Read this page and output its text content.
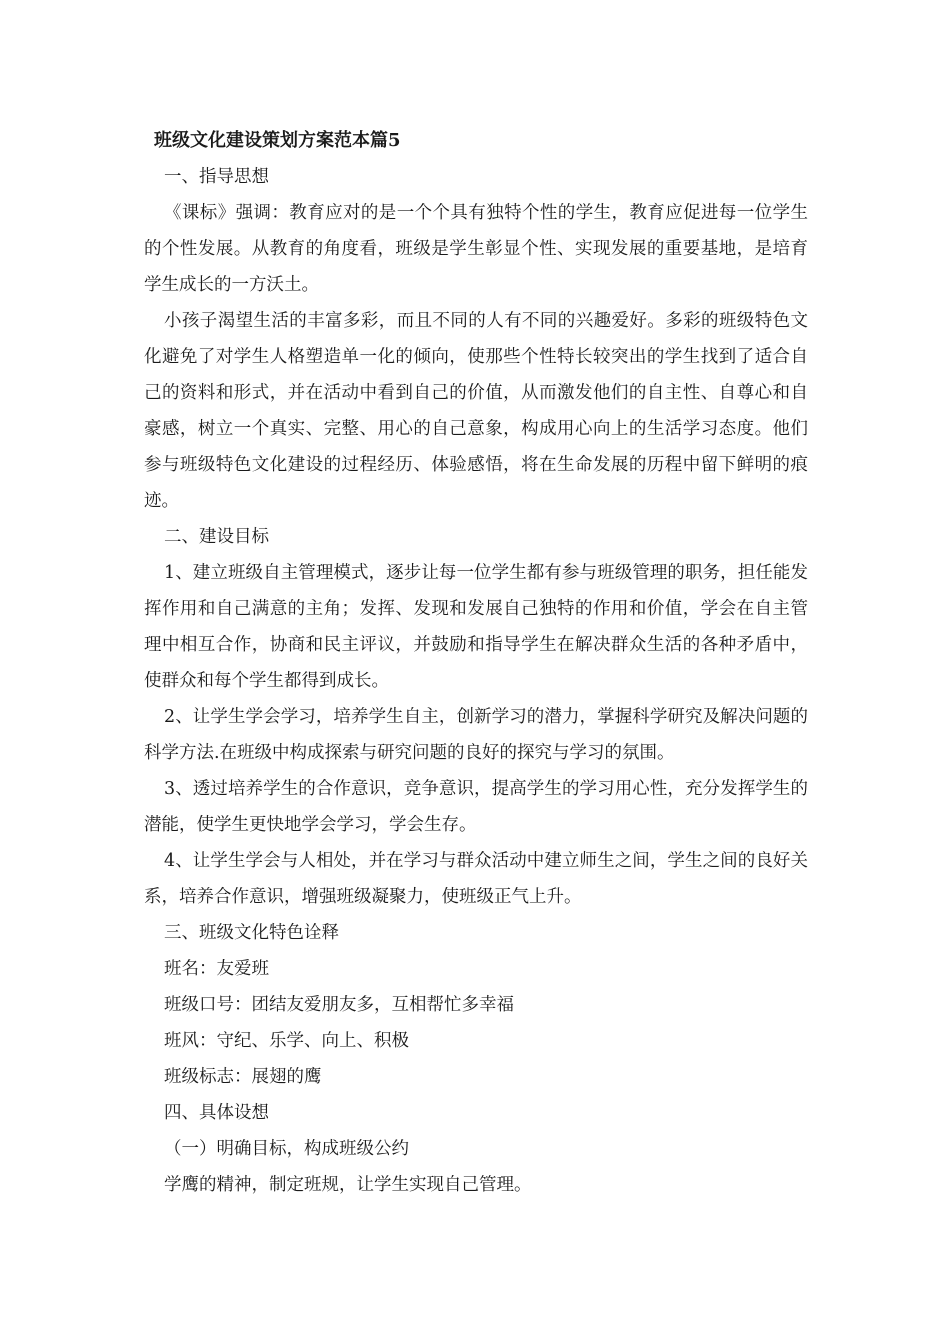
班级文化建设策划方案范本篇5
一、指导思想

《课标》强调：教育应对的是一个个具有独特个性的学生，教育应促进每一位学生的个性发展。从教育的角度看，班级是学生彰显个性、实现发展的重要基地，是培育学生成长的一方沃土。

小孩子渴望生活的丰富多彩，而且不同的人有不同的兴趣爱好。多彩的班级特色文化避免了对学生人格塑造单一化的倾向，使那些个性特长较突出的学生找到了适合自己的资料和形式，并在活动中看到自己的价值，从而激发他们的自主性、自尊心和自豪感，树立一个真实、完整、用心的自己意象，构成用心向上的生活学习态度。他们参与班级特色文化建设的过程经历、体验感悟，将在生命发展的历程中留下鲜明的痕迹。

二、建设目标

1、建立班级自主管理模式，逐步让每一位学生都有参与班级管理的职务，担任能发挥作用和自己满意的主角；发挥、发现和发展自己独特的作用和价值，学会在自主管理中相互合作，协商和民主评议，并鼓励和指导学生在解决群众生活的各种矛盾中，使群众和每个学生都得到成长。

2、让学生学会学习，培养学生自主，创新学习的潜力，掌握科学研究及解决问题的科学方法.在班级中构成探索与研究问题的良好的探究与学习的氛围。

3、透过培养学生的合作意识，竞争意识，提高学生的学习用心性，充分发挥学生的潜能，使学生更快地学会学习，学会生存。

4、让学生学会与人相处，并在学习与群众活动中建立师生之间，学生之间的良好关系，培养合作意识，增强班级凝聚力，使班级正气上升。

三、班级文化特色诠释
班名：友爱班
班级口号：团结友爱朋友多，互相帮忙多幸福
班风：守纪、乐学、向上、积极
班级标志：展翅的鹰
四、具体设想
（一）明确目标，构成班级公约
学鹰的精神，制定班规，让学生实现自己管理。
